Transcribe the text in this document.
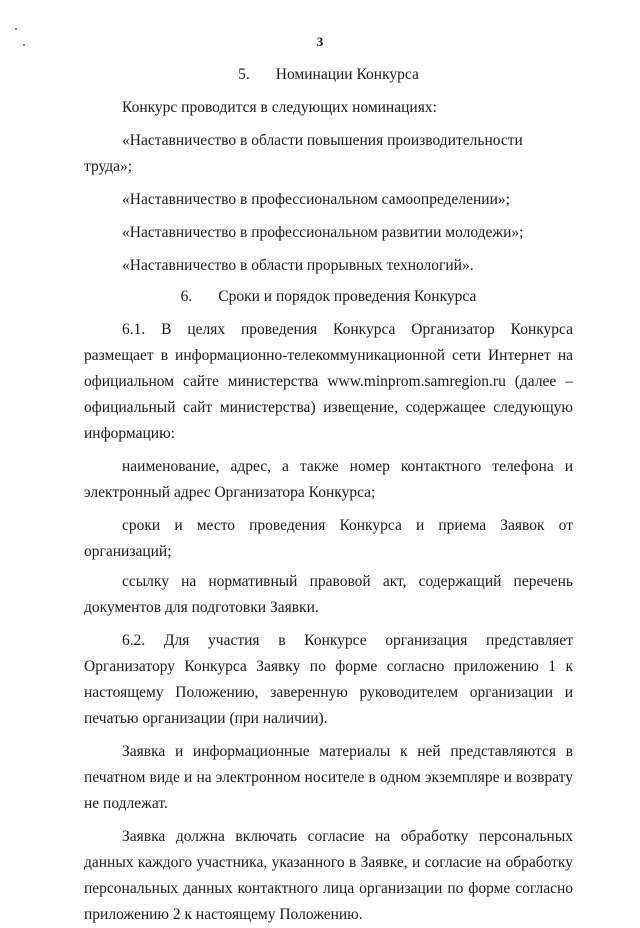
3

5. Номинации Конкурса

Конкурс проводится в следующих номинациях:

«Наставничество в области повышения производительности труда»;

«Наставничество в профессиональном самоопределении»;

«Наставничество в профессиональном развитии молодежи»;

«Наставничество в области прорывных технологий».

6. Сроки и порядок проведения Конкурса

6.1. В целях проведения Конкурса Организатор Конкурса размещает в информационно-телекоммуникационной сети Интернет на официальном сайте министерства www.minprom.samregion.ru (далее – официальный сайт министерства) извещение, содержащее следующую информацию:

наименование, адрес, а также номер контактного телефона и электронный адрес Организатора Конкурса;

сроки и место проведения Конкурса и приема Заявок от организаций;

ссылку на нормативный правовой акт, содержащий перечень документов для подготовки Заявки.

6.2. Для участия в Конкурсе организация представляет Организатору Конкурса Заявку по форме согласно приложению 1 к настоящему Положению, заверенную руководителем организации и печатью организации (при наличии).

Заявка и информационные материалы к ней представляются в печатном виде и на электронном носителе в одном экземпляре и возврату не подлежат.

Заявка должна включать согласие на обработку персональных данных каждого участника, указанного в Заявке, и согласие на обработку персональных данных контактного лица организации по форме согласно приложению 2 к настоящему Положению.
